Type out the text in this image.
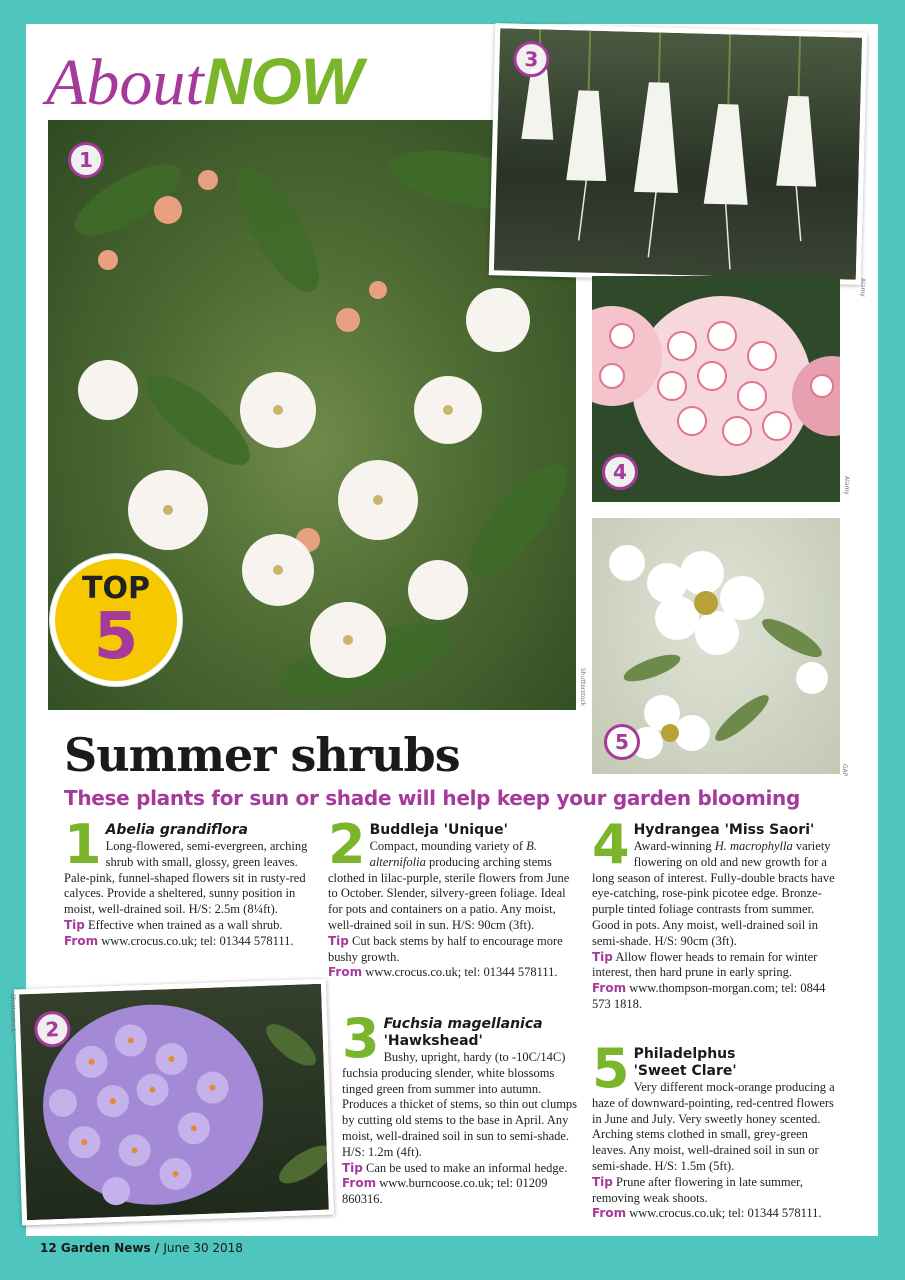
AboutNOW
1
Shutterstock
TOP
5
3
Alamy
4
Alamy
5
GAP
Summer shrubs
These plants for sun or shade will help keep your garden blooming
1 Abelia grandiflora
Long-flowered, semi-evergreen, arching shrub with small, glossy, green leaves. Pale-pink, funnel-shaped flowers sit in rusty-red calyces. Provide a sheltered, sunny position in moist, well-drained soil. H/S: 2.5m (8¼ft).
Tip Effective when trained as a wall shrub.
From www.crocus.co.uk; tel: 01344 578111.
2 Buddleja 'Unique'
Compact, mounding variety of B. alternifolia producing arching stems clothed in lilac-purple, sterile flowers from June to October. Slender, silvery-green foliage. Ideal for pots and containers on a patio. Any moist, well-drained soil in sun. H/S: 90cm (3ft).
Tip Cut back stems by half to encourage more bushy growth.
From www.crocus.co.uk; tel: 01344 578111.
3 Fuchsia magellanica
'Hawkshead'
Bushy, upright, hardy (to -10C/14C) fuchsia producing slender, white blossoms tinged green from summer into autumn. Produces a thicket of stems, so thin out clumps by cutting old stems to the base in April. Any moist, well-drained soil in sun to semi-shade. H/S: 1.2m (4ft).
Tip Can be used to make an informal hedge.
From www.burncoose.co.uk; tel: 01209 860316.
4 Hydrangea 'Miss Saori'
Award-winning H. macrophylla variety flowering on old and new growth for a long season of interest. Fully-double bracts have eye-catching, rose-pink picotee edge. Bronze-purple tinted foliage contrasts from summer. Good in pots. Any moist, well-drained soil in semi-shade. H/S: 90cm (3ft).
Tip Allow flower heads to remain for winter interest, then hard prune in early spring.
From www.thompson-morgan.com; tel: 0844 573 1818.
5 Philadelphus
'Sweet Clare'
Very different mock-orange producing a haze of downward-pointing, red-centred flowers in June and July. Very sweetly honey scented. Arching stems clothed in small, grey-green leaves. Any moist, well-drained soil in sun or semi-shade. H/S: 1.5m (5ft).
Tip Prune after flowering in late summer, removing weak shoots.
From www.crocus.co.uk; tel: 01344 578111.
2
Shutterstock
12 Garden News / June 30 2018
